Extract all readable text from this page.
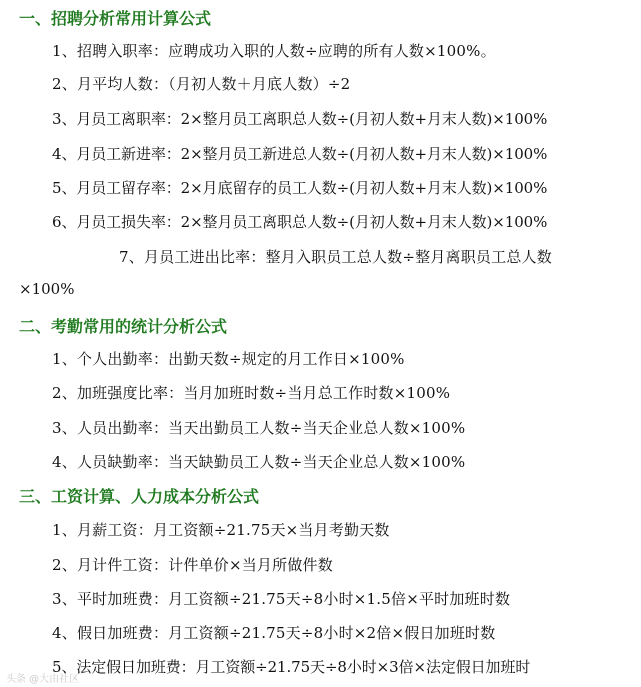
一、招聘分析常用计算公式
1、招聘入职率：应聘成功入职的人数÷应聘的所有人数×100%。
2、月平均人数：（月初人数＋月底人数）÷2
3、月员工离职率：2×整月员工离职总人数÷(月初人数+月末人数)×100%
4、月员工新进率：2×整月员工新进总人数÷(月初人数+月末人数)×100%
5、月员工留存率：2×月底留存的员工人数÷(月初人数+月末人数)×100%
6、月员工损失率：2×整月员工离职总人数÷(月初人数+月末人数)×100%
7、月员工进出比率：整月入职员工总人数÷整月离职员工总人数
×100%
二、考勤常用的统计分析公式
1、个人出勤率：出勤天数÷规定的月工作日×100%
2、加班强度比率：当月加班时数÷当月总工作时数×100%
3、人员出勤率：当天出勤员工人数÷当天企业总人数×100%
4、人员缺勤率：当天缺勤员工人数÷当天企业总人数×100%
三、工资计算、人力成本分析公式
1、月薪工资：月工资额÷21.75天×当月考勤天数
2、月计件工资：计件单价×当月所做件数
3、平时加班费：月工资额÷21.75天÷8小时×1.5倍×平时加班时数
4、假日加班费：月工资额÷21.75天÷8小时×2倍×假日加班时数
5、法定假日加班费：月工资额÷21.75天÷8小时×3倍×法定假日加班时
头条 @大由社区
